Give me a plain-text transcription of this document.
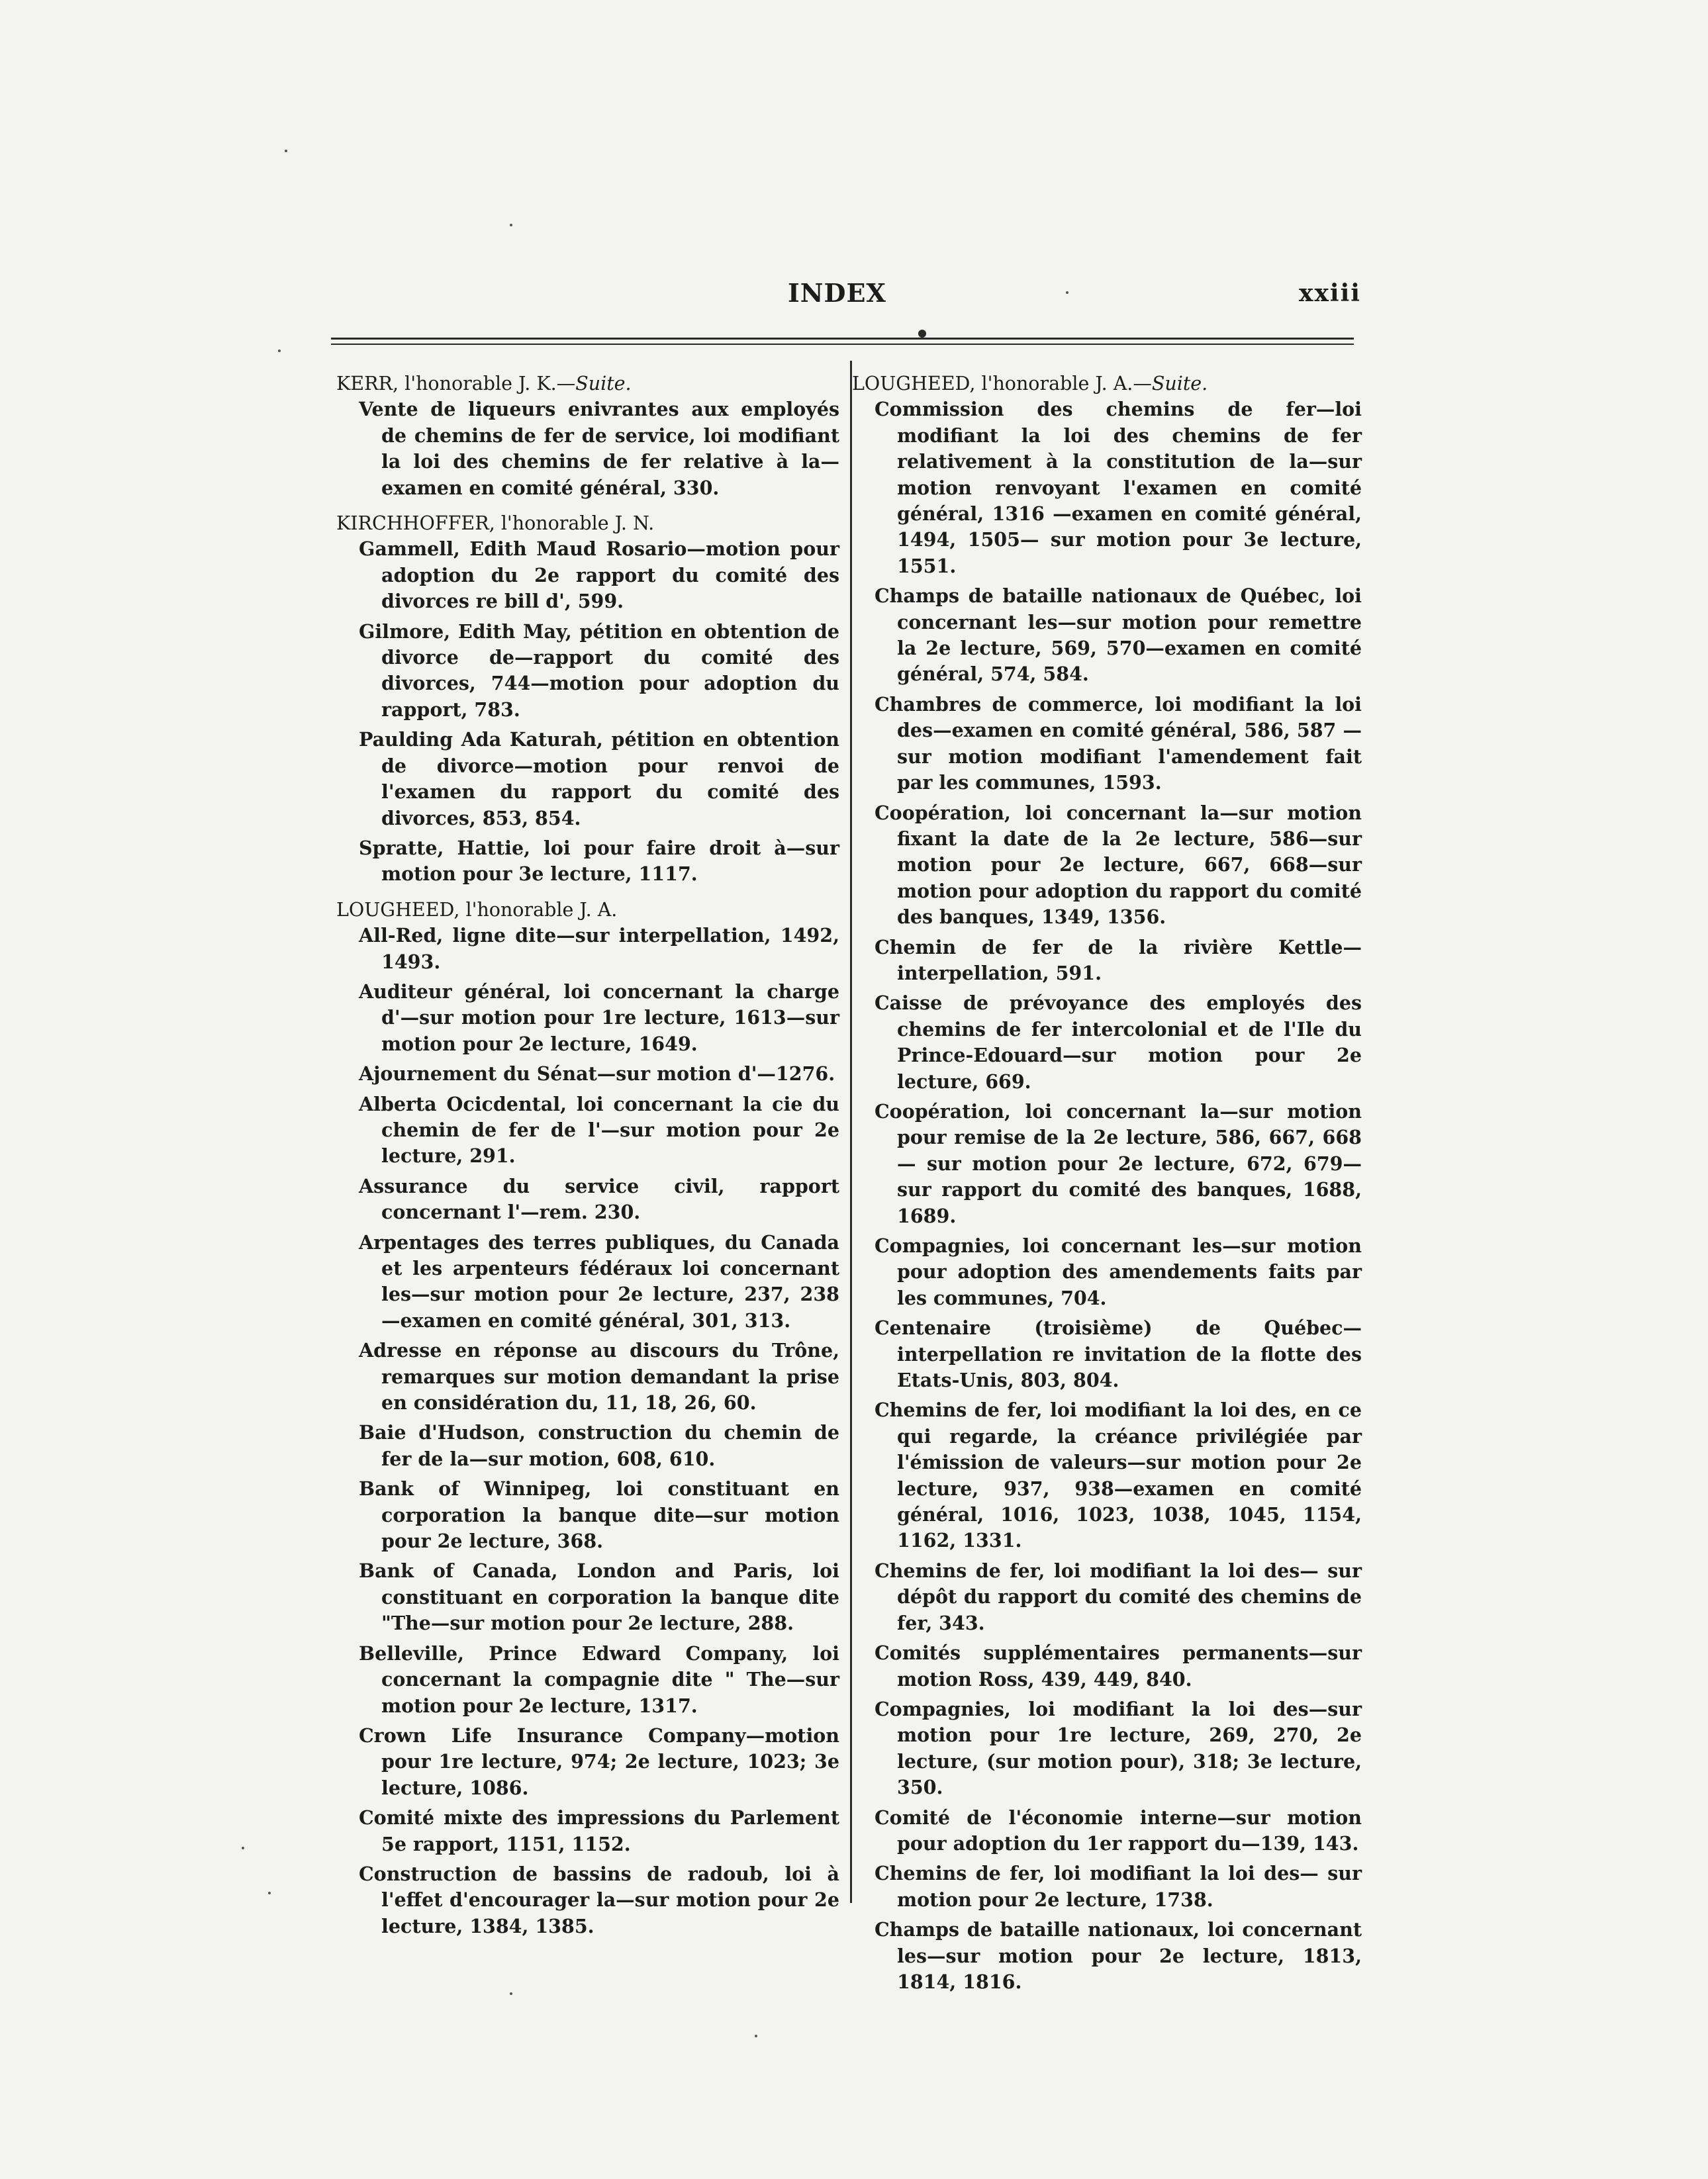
INDEX	xxiii
KERR, l'honorable J. K.—Suite.
Vente de liqueurs enivrantes aux employés de chemins de fer de service, loi modifiant la loi des chemins de fer relative à la—examen en comité général, 330.
KIRCHHOFFER, l'honorable J. N.
Gammell, Edith Maud Rosario—motion pour adoption du 2e rapport du comité des divorces re bill d', 599.
Gilmore, Edith May, pétition en obtention de divorce de—rapport du comité des divorces, 744—motion pour adoption du rapport, 783.
Paulding Ada Katurah, pétition en obtention de divorce—motion pour renvoi de l'examen du rapport du comité des divorces, 853, 854.
Spratte, Hattie, loi pour faire droit à—sur motion pour 3e lecture, 1117.
LOUGHEED, l'honorable J. A.
All-Red, ligne dite—sur interpellation, 1492, 1493.
Auditeur général, loi concernant la charge d'—sur motion pour 1re lecture, 1613—sur motion pour 2e lecture, 1649.
Ajournement du Sénat—sur motion d'—1276.
Alberta Ocicdental, loi concernant la cie du chemin de fer de l'—sur motion pour 2e lecture, 291.
Assurance du service civil, rapport concernant l'—rem. 230.
Arpentages des terres publiques, du Canada et les arpenteurs fédéraux loi concernant les—sur motion pour 2e lecture, 237, 238 —examen en comité général, 301, 313.
Adresse en réponse au discours du Trône, remarques sur motion demandant la prise en considération du, 11, 18, 26, 60.
Baie d'Hudson, construction du chemin de fer de la—sur motion, 608, 610.
Bank of Winnipeg, loi constituant en corporation la banque dite—sur motion pour 2e lecture, 368.
Bank of Canada, London and Paris, loi constituant en corporation la banque dite "The—sur motion pour 2e lecture, 288.
Belleville, Prince Edward Company, loi concernant la compagnie dite " The—sur motion pour 2e lecture, 1317.
Crown Life Insurance Company—motion pour 1re lecture, 974; 2e lecture, 1023; 3e lecture, 1086.
Comité mixte des impressions du Parlement 5e rapport, 1151, 1152.
Construction de bassins de radoub, loi à l'effet d'encourager la—sur motion pour 2e lecture, 1384, 1385.
LOUGHEED, l'honorable J. A.—Suite.
Commission des chemins de fer—loi modifiant la loi des chemins de fer relativement à la constitution de la—sur motion renvoyant l'examen en comité général, 1316 —examen en comité général, 1494, 1505— sur motion pour 3e lecture, 1551.
Champs de bataille nationaux de Québec, loi concernant les—sur motion pour remettre la 2e lecture, 569, 570—examen en comité général, 574, 584.
Chambres de commerce, loi modifiant la loi des—examen en comité général, 586, 587 —sur motion modifiant l'amendement fait par les communes, 1593.
Coopération, loi concernant la—sur motion fixant la date de la 2e lecture, 586—sur motion pour 2e lecture, 667, 668—sur motion pour adoption du rapport du comité des banques, 1349, 1356.
Chemin de fer de la rivière Kettle—interpellation, 591.
Caisse de prévoyance des employés des chemins de fer intercolonial et de l'Ile du Prince-Edouard—sur motion pour 2e lecture, 669.
Coopération, loi concernant la—sur motion pour remise de la 2e lecture, 586, 667, 668— sur motion pour 2e lecture, 672, 679—sur rapport du comité des banques, 1688, 1689.
Compagnies, loi concernant les—sur motion pour adoption des amendements faits par les communes, 704.
Centenaire (troisième) de Québec—interpellation re invitation de la flotte des Etats-Unis, 803, 804.
Chemins de fer, loi modifiant la loi des, en ce qui regarde, la créance privilégiée par l'émission de valeurs—sur motion pour 2e lecture, 937, 938—examen en comité général, 1016, 1023, 1038, 1045, 1154, 1162, 1331.
Chemins de fer, loi modifiant la loi des— sur dépôt du rapport du comité des chemins de fer, 343.
Comités supplémentaires permanents—sur motion Ross, 439, 449, 840.
Compagnies, loi modifiant la loi des—sur motion pour 1re lecture, 269, 270, 2e lecture, (sur motion pour), 318; 3e lecture, 350.
Comité de l'économie interne—sur motion pour adoption du 1er rapport du—139, 143.
Chemins de fer, loi modifiant la loi des— sur motion pour 2e lecture, 1738.
Champs de bataille nationaux, loi concernant les—sur motion pour 2e lecture, 1813, 1814, 1816.
